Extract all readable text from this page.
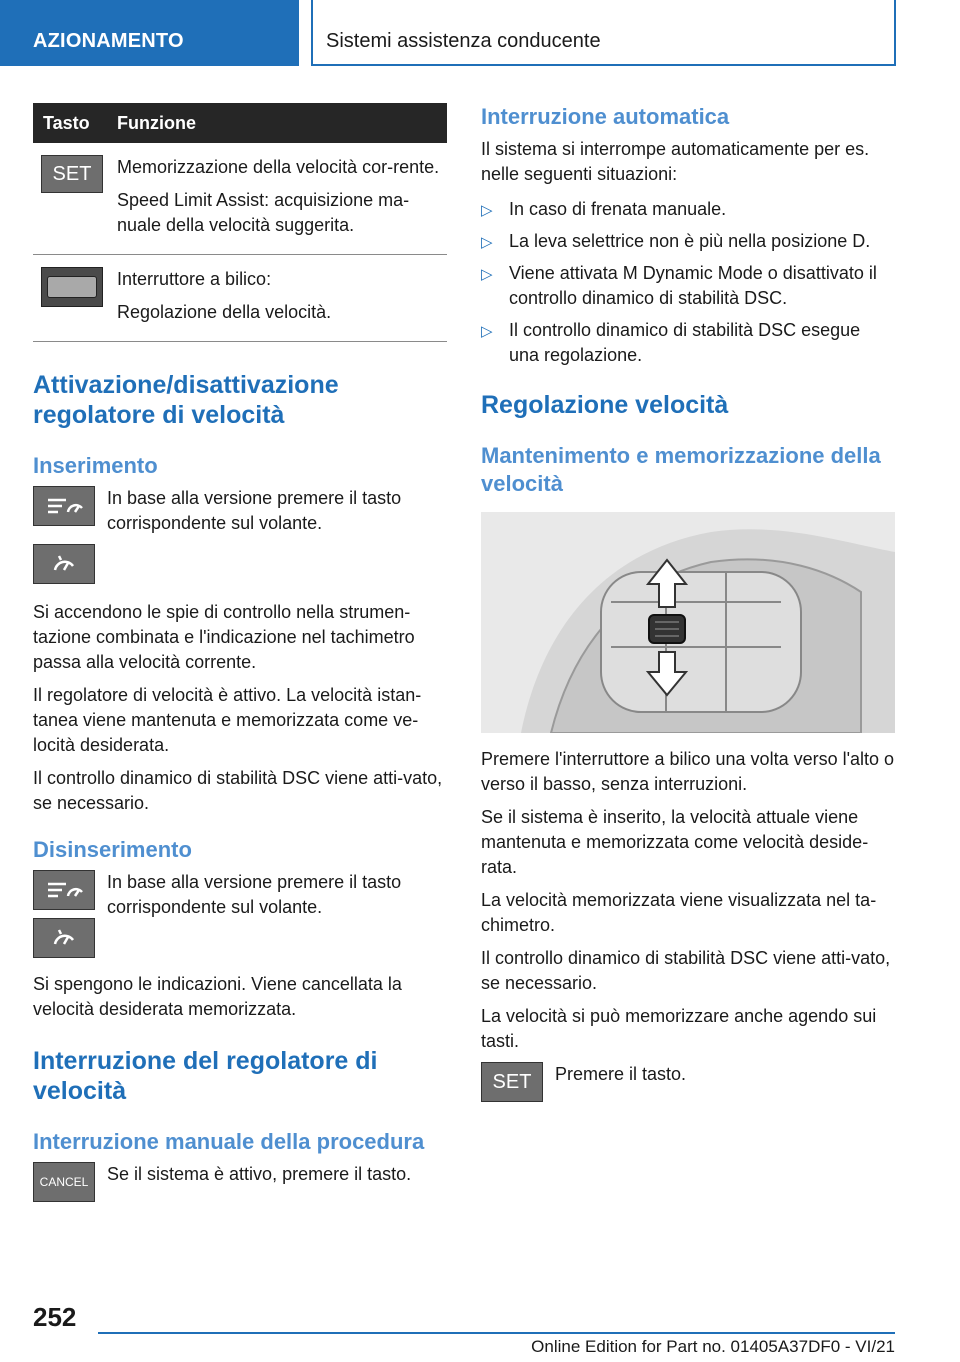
AZIONAMENTO	Sistemi assistenza conducente
Tasto	Funzione
SET	Memorizzazione della velocità cor-rente.
Speed Limit Assist: acquisizione ma-nuale della velocità suggerita.
Interruttore a bilico:
Regolazione della velocità.
Attivazione/disattivazione regolatore di velocità
Inserimento

In base alla versione premere il tasto corrispondente sul volante.
Si accendono le spie di controllo nella strumen-tazione combinata e l'indicazione nel tachimetro passa alla velocità corrente.
Il regolatore di velocità è attivo. La velocità istan-tanea viene mantenuta e memorizzata come ve-locità desiderata.
Il controllo dinamico di stabilità DSC viene atti-vato, se necessario.
Disinserimento

In base alla versione premere il tasto corrispondente sul volante.
Si spengono le indicazioni. Viene cancellata la velocità desiderata memorizzata.
Interruzione del regolatore di velocità
Interruzione manuale della procedura
CANCEL	Se il sistema è attivo, premere il tasto.
Interruzione automatica
Il sistema si interrompe automaticamente per es. nelle seguenti situazioni:
▷ In caso di frenata manuale.
▷ La leva selettrice non è più nella posizione D.
▷ Viene attivata M Dynamic Mode o disattivato il controllo dinamico di stabilità DSC.
▷ Il controllo dinamico di stabilità DSC esegue una regolazione.
Regolazione velocità
Mantenimento e memorizzazione della velocità
Premere l'interruttore a bilico una volta verso l'alto o verso il basso, senza interruzioni.
Se il sistema è inserito, la velocità attuale viene mantenuta e memorizzata come velocità deside-rata.
La velocità memorizzata viene visualizzata nel ta-chimetro.
Il controllo dinamico di stabilità DSC viene atti-vato, se necessario.
La velocità si può memorizzare anche agendo sui tasti.
SET	Premere il tasto.
252
Online Edition for Part no. 01405A37DF0 - VI/21
